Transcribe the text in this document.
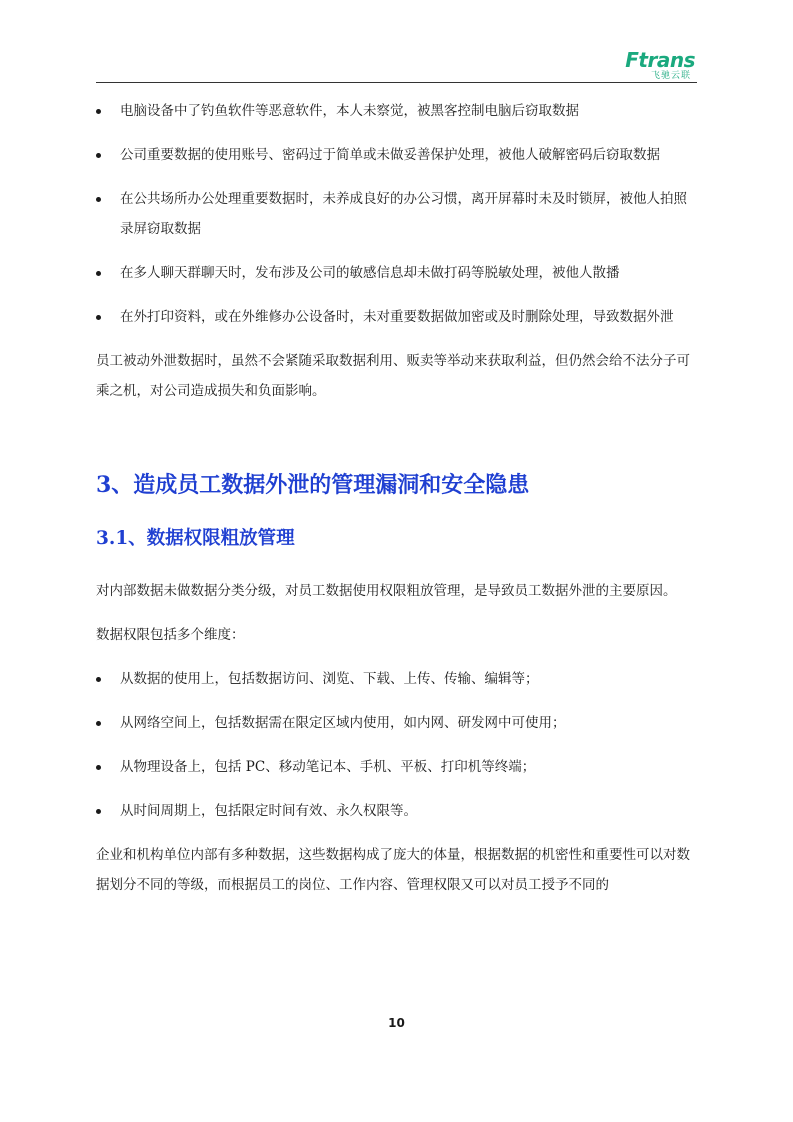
Ftrans
飞驰云联
电脑设备中了钓鱼软件等恶意软件，本人未察觉，被黑客控制电脑后窃取数据
公司重要数据的使用账号、密码过于简单或未做妥善保护处理，被他人破解密码后窃取数据
在公共场所办公处理重要数据时，未养成良好的办公习惯，离开屏幕时未及时锁屏，被他人拍照录屏窃取数据
在多人聊天群聊天时，发布涉及公司的敏感信息却未做打码等脱敏处理，被他人散播
在外打印资料，或在外维修办公设备时，未对重要数据做加密或及时删除处理，导致数据外泄
员工被动外泄数据时，虽然不会紧随采取数据利用、贩卖等举动来获取利益，但仍然会给不法分子可乘之机，对公司造成损失和负面影响。
3、造成员工数据外泄的管理漏洞和安全隐患
3.1、数据权限粗放管理
对内部数据未做数据分类分级，对员工数据使用权限粗放管理，是导致员工数据外泄的主要原因。
数据权限包括多个维度：
从数据的使用上，包括数据访问、浏览、下载、上传、传输、编辑等；
从网络空间上，包括数据需在限定区域内使用，如内网、研发网中可使用；
从物理设备上，包括 PC、移动笔记本、手机、平板、打印机等终端；
从时间周期上，包括限定时间有效、永久权限等。
企业和机构单位内部有多种数据，这些数据构成了庞大的体量，根据数据的机密性和重要性可以对数据划分不同的等级，而根据员工的岗位、工作内容、管理权限又可以对员工授予不同的
10
